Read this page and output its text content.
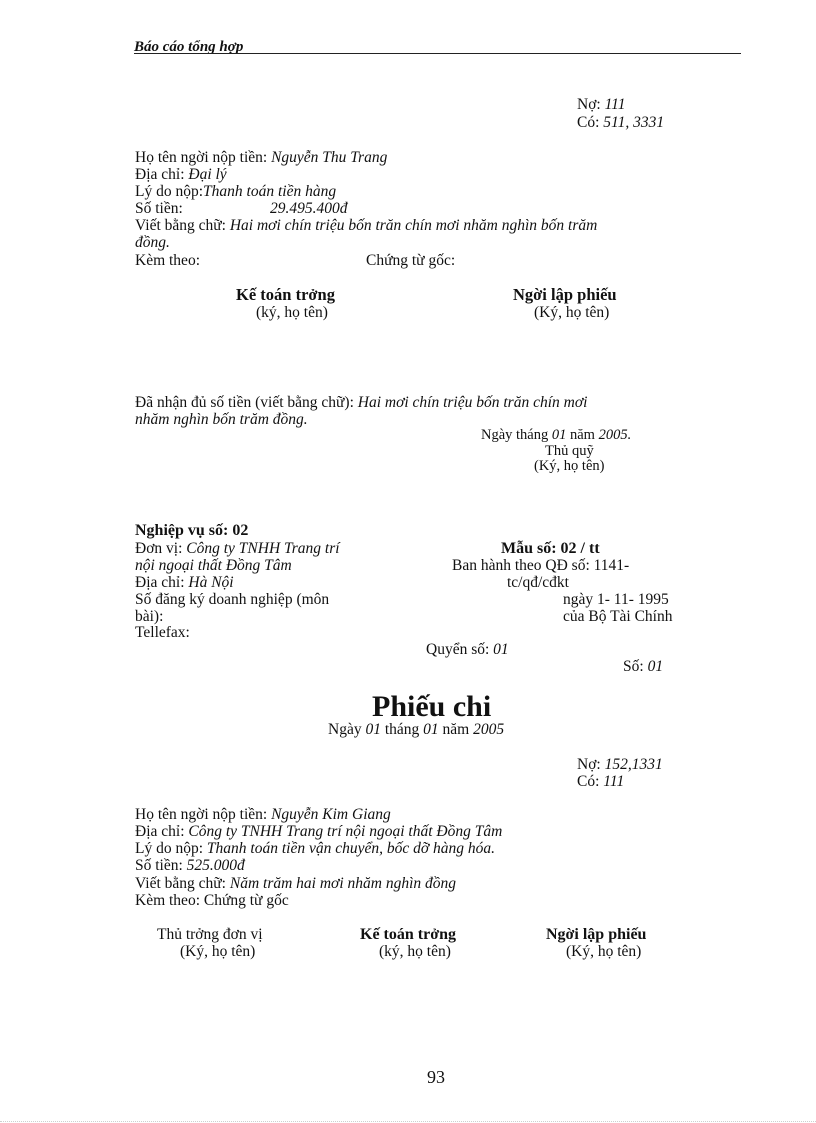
Báo cáo tổng hợp
Nợ: 111
Có: 511, 3331
Họ tên ngời nộp tiền: Nguyễn Thu Trang
Địa chỉ: Đại lý
Lý do nộp:Thanh toán tiền hàng
Số tiền:	29.495.400đ
Viết bằng chữ: Hai mơi chín triệu bốn trăn chín mơi nhăm nghìn bốn trăm
đồng.
Kèm theo:	Chứng từ gốc:
Kế toán trởng
(ký, họ tên)
Ngời lập phiếu
(Ký, họ tên)
Đã nhận đủ số tiền (viết bằng chữ): Hai mơi chín triệu bốn trăn chín mơi
nhăm nghìn bốn trăm đồng.
Ngày tháng 01 năm 2005.
Thủ quỹ
(Ký, họ tên)
Nghiệp vụ số: 02
Đơn vị: Công ty TNHH Trang trí
nội ngoại thất Đồng Tâm
Địa chỉ: Hà Nội
Số đăng ký doanh nghiệp (môn
bài):
Tellefax:
Mẫu số: 02 / tt
Ban hành theo QĐ số: 1141-
tc/qđ/cđkt
ngày 1- 11- 1995
của Bộ Tài Chính
Quyển số: 01
Số: 01
Phiếu chi
Ngày 01 tháng 01 năm 2005
Nợ: 152,1331
Có: 111
Họ tên ngời nộp tiền: Nguyễn Kim Giang
Địa chỉ: Công ty TNHH Trang trí nội ngoại thất Đồng Tâm
Lý do nộp: Thanh toán tiền vận chuyển, bốc dỡ hàng hóa.
Số tiền: 525.000đ
Viết bằng chữ: Năm trăm hai mơi nhăm nghìn đồng
Kèm theo: Chứng từ gốc
Thủ trởng đơn vị
(Ký, họ tên)
Kế toán trởng
(ký, họ tên)
Ngời lập phiếu
(Ký, họ tên)
93
